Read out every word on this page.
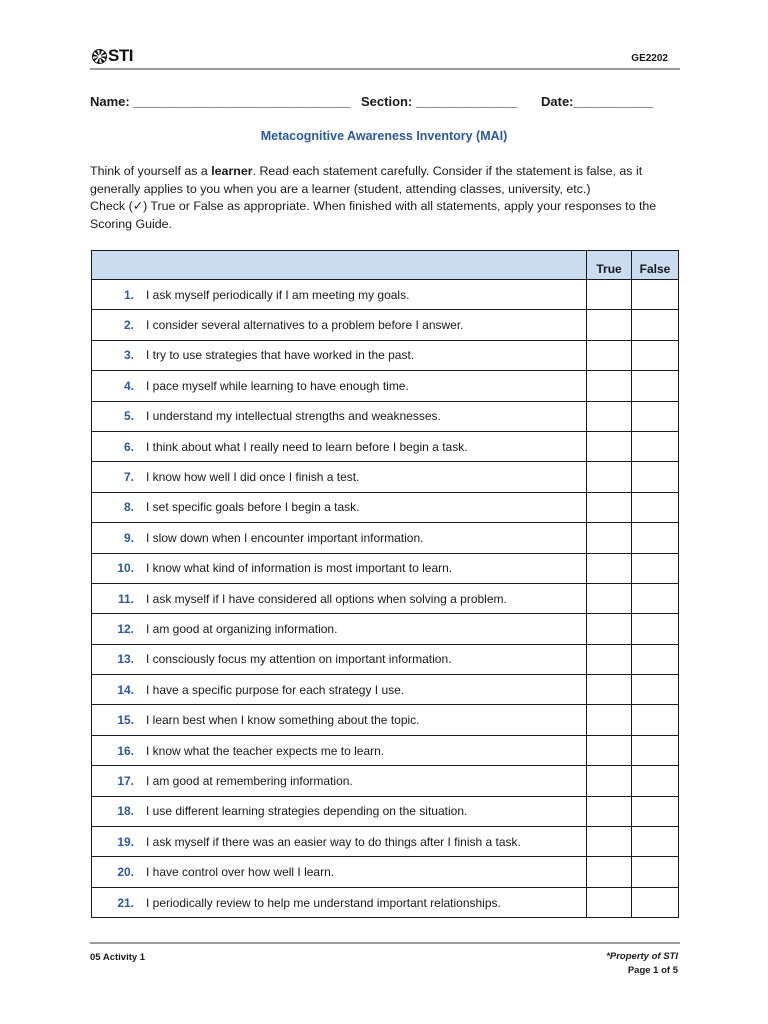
STI	GE2202
Name: ______________________________ Section: ______________ Date:___________
Metacognitive Awareness Inventory (MAI)

Think of yourself as a learner. Read each statement carefully. Consider if the statement is false, as it generally applies to you when you are a learner (student, attending classes, university, etc.)

Check (✓) True or False as appropriate. When finished with all statements, apply your responses to the Scoring Guide.

	True	False
1. I ask myself periodically if I am meeting my goals.		
2. I consider several alternatives to a problem before I answer.		
3. I try to use strategies that have worked in the past.		
4. I pace myself while learning to have enough time.		
5. I understand my intellectual strengths and weaknesses.		
6. I think about what I really need to learn before I begin a task.		
7. I know how well I did once I finish a test.		
8. I set specific goals before I begin a task.		
9. I slow down when I encounter important information.		
10. I know what kind of information is most important to learn.		
11. I ask myself if I have considered all options when solving a problem.		
12. I am good at organizing information.		
13. I consciously focus my attention on important information.		
14. I have a specific purpose for each strategy I use.		
15. I learn best when I know something about the topic.		
16. I know what the teacher expects me to learn.		
17. I am good at remembering information.		
18. I use different learning strategies depending on the situation.		
19. I ask myself if there was an easier way to do things after I finish a task.		
20. I have control over how well I learn.		
21. I periodically review to help me understand important relationships.		
05 Activity 1	*Property of STI
Page 1 of 5
